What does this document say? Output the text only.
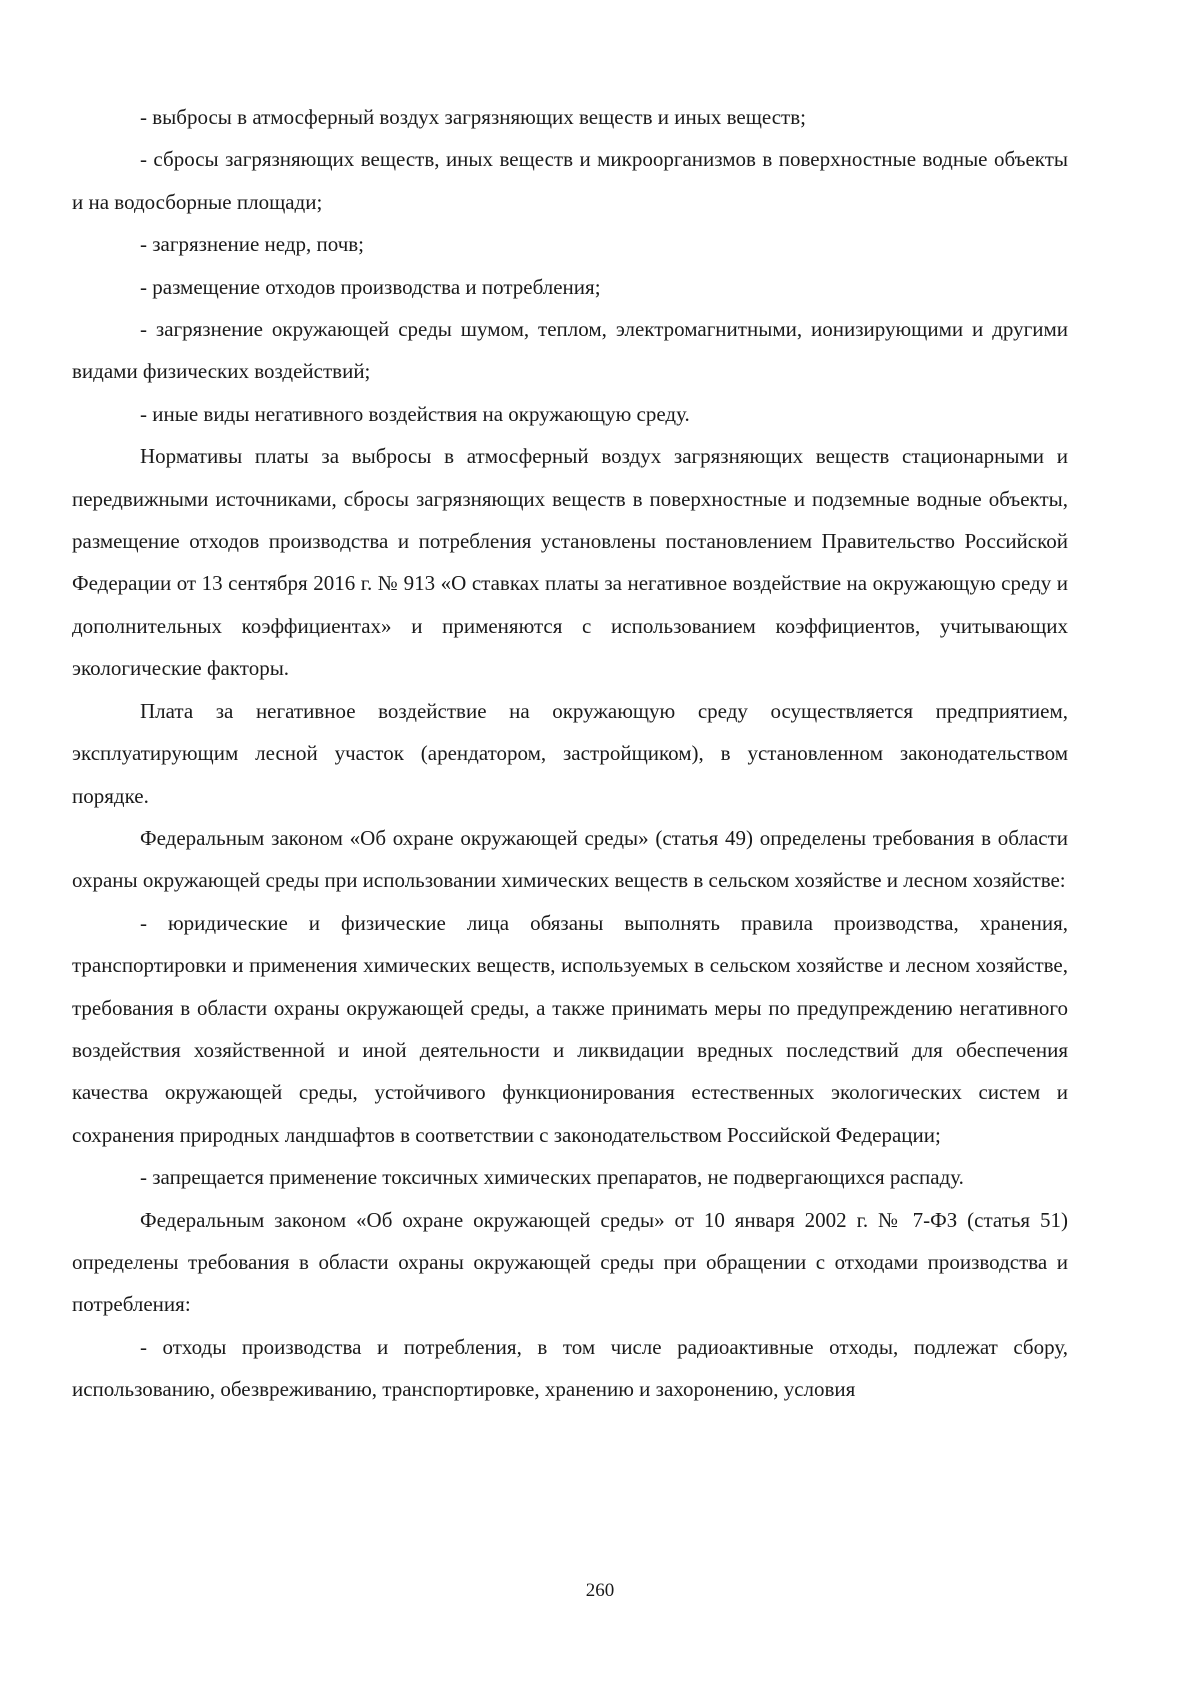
- выбросы в атмосферный воздух загрязняющих веществ и иных веществ;

- сбросы загрязняющих веществ, иных веществ и микроорганизмов в поверхностные водные объекты и на водосборные площади;

- загрязнение недр, почв;

- размещение отходов производства и потребления;

- загрязнение окружающей среды шумом, теплом, электромагнитными, ионизирующими и другими видами физических воздействий;

- иные виды негативного воздействия на окружающую среду.

Нормативы платы за выбросы в атмосферный воздух загрязняющих веществ стационарными и передвижными источниками, сбросы загрязняющих веществ в поверхностные и подземные водные объекты, размещение отходов производства и потребления установлены постановлением Правительство Российской Федерации от 13 сентября 2016 г. № 913 «О ставках платы за негативное воздействие на окружающую среду и дополнительных коэффициентах» и применяются с использованием коэффициентов, учитывающих экологические факторы.

Плата за негативное воздействие на окружающую среду осуществляется предприятием, эксплуатирующим лесной участок (арендатором, застройщиком), в установленном законодательством порядке.

Федеральным законом «Об охране окружающей среды» (статья 49) определены требования в области охраны окружающей среды при использовании химических веществ в сельском хозяйстве и лесном хозяйстве:

- юридические и физические лица обязаны выполнять правила производства, хранения, транспортировки и применения химических веществ, используемых в сельском хозяйстве и лесном хозяйстве, требования в области охраны окружающей среды, а также принимать меры по предупреждению негативного воздействия хозяйственной и иной деятельности и ликвидации вредных последствий для обеспечения качества окружающей среды, устойчивого функционирования естественных экологических систем и сохранения природных ландшафтов в соответствии с законодательством Российской Федерации;

- запрещается применение токсичных химических препаратов, не подвергающихся распаду.

Федеральным законом «Об охране окружающей среды» от 10 января 2002 г. № 7-ФЗ (статья 51) определены требования в области охраны окружающей среды при обращении с отходами производства и потребления:

- отходы производства и потребления, в том числе радиоактивные отходы, подлежат сбору, использованию, обезвреживанию, транспортировке, хранению и захоронению, условия

260
